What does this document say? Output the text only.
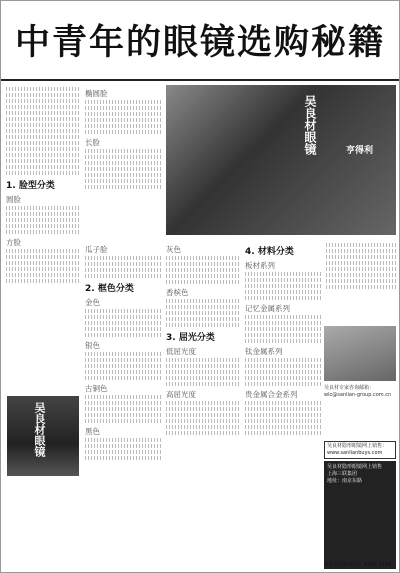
中青年的眼镜选购秘籍
1. 脸型分类
圆脸
方脸
椭圆脸
长脸
瓜子脸
2. 框色分类
金色
银色
古铜色
黑色
灰色
香槟色
3. 屈光分类
低屈光度
高屈光度
4. 材料分类
板材系列
记忆金属系列
钛金属系列
贵金属合金系列
吴良材眼镜	亨得利
吴良材眼镜
吴良材专家咨询邮箱：
wlc@sanlian-group.com.cn
吴良材隐形眼镜网上销售：
www.sanlianbuys.com
吴良材隐形眼镜网上销售
上海三联集团
地址：南京东路
吴良材分店电话：6352 3394
